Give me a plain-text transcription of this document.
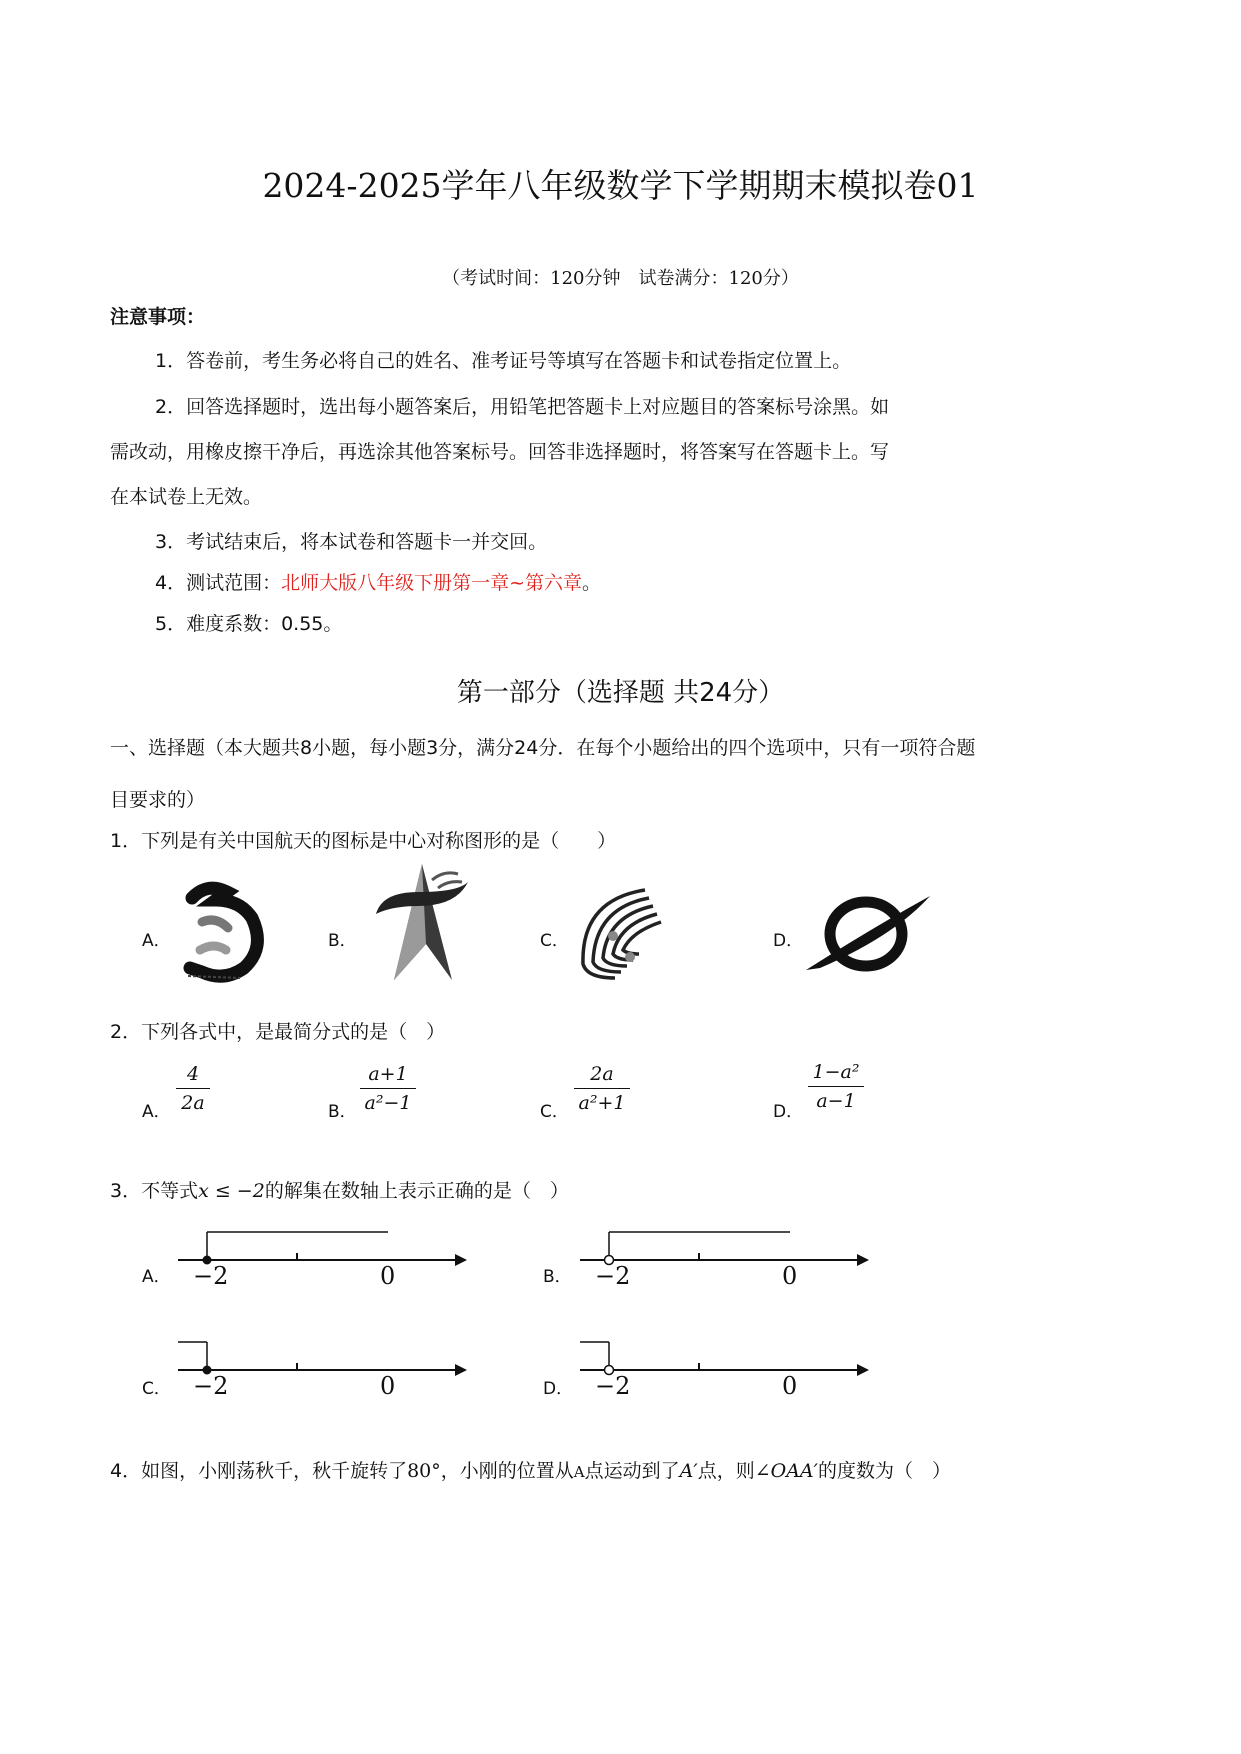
2024-2025学年八年级数学下学期期末模拟卷01
（考试时间：120分钟　试卷满分：120分）
注意事项：
1．答卷前，考生务必将自己的姓名、准考证号等填写在答题卡和试卷指定位置上。
2．回答选择题时，选出每小题答案后，用铅笔把答题卡上对应题目的答案标号涂黑。如
需改动，用橡皮擦干净后，再选涂其他答案标号。回答非选择题时，将答案写在答题卡上。写
在本试卷上无效。
3．考试结束后，将本试卷和答题卡一并交回。
4．测试范围：北师大版八年级下册第一章~第六章。
5．难度系数：0.55。
第一部分（选择题 共24分）
一、选择题（本大题共8小题，每小题3分，满分24分．在每个小题给出的四个选项中，只有一项符合题
目要求的）
1．下列是有关中国航天的图标是中心对称图形的是（　　）
A．	B．	C．	D．
2．下列各式中，是最简分式的是（　）
A．
4
2a	B．
a+1
a²−1	C．
2a
a²+1	D．
1−a²
a−1
3．不等式x ≤ −2的解集在数轴上表示正确的是（　）
A． −2	0	B． −2	0
C． −2	0	D． −2	0
4．如图，小刚荡秋千，秋千旋转了80°，小刚的位置从A点运动到了A′点，则∠OAA′的度数为（　）
